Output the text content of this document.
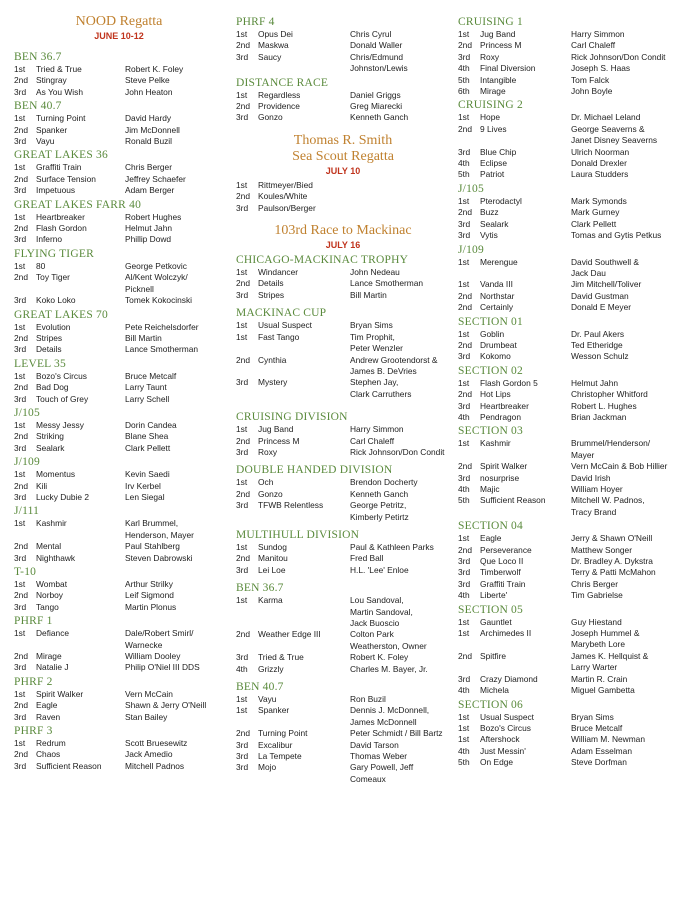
NOOD Regatta
JUNE 10-12
BEN 36.7
1st	Tried & True	Robert K. Foley
2nd Stingray	Steve Pelke
3rd	As You Wish	John Heaton
BEN 40.7
1st	Turning Point	David Hardy
2nd Spanker	Jim McDonnell
3rd	Vayu	Ronald Buzil
GREAT LAKES 36
1st	Graffiti Train	Chris Berger
2nd Surface Tension	Jeffrey Schaefer
3rd	Impetuous	Adam Berger
GREAT LAKES FARR 40
1st	Heartbreaker	Robert Hughes
2nd Flash Gordon	Helmut Jahn
3rd	Inferno	Phillip Dowd
FLYING TIGER
1st	80	George Petkovic
2nd Toy Tiger	Al/Kent Wolczyk/
Picknell
3rd	Koko Loko	Tomek Kokocinski
GREAT LAKES 70
1st	Evolution	Pete Reichelsdorfer
2nd Stripes	Bill Martin
3rd	Details	Lance Smotherman
LEVEL 35
1st	Bozo's Circus	Bruce Metcalf
2nd Bad Dog	Larry Taunt
3rd	Touch of Grey	Larry Schell
J/105
1st	Messy Jessy	Dorin Candea
2nd Striking	Blane Shea
3rd	Sealark	Clark Pellett
J/109
1st	Momentus	Kevin Saedi
2nd Kili	Irv Kerbel
3rd	Lucky Dubie 2	Len Siegal
J/111
1st	Kashmir	Karl Brummel,
Henderson, Mayer
2nd Mental	Paul Stahlberg
3rd	Nighthawk	Steven Dabrowski
T-10
1st	Wombat	Arthur Strilky
2nd Norboy	Leif Sigmond
3rd	Tango	Martin Plonus
PHRF 1
1st	Defiance	Dale/Robert Smirl/
Warnecke
2nd Mirage	William Dooley
3rd	Natalie J	Philip O'Niel III DDS
PHRF 2
1st	Spirit Walker	Vern McCain
2nd Eagle	Shawn & Jerry O'Neill
3rd	Raven	Stan Bailey
PHRF 3
1st	Redrum	Scott Bruesewitz
2nd Chaos	Jack Amedio
3rd	Sufficient Reason	Mitchell Padnos
PHRF 4
1st	Opus Dei	Chris Cyrul
2nd Maskwa	Donald Waller
3rd	Saucy	Chris/Edmund
Johnston/Lewis
DISTANCE RACE
1st	Regardless	Daniel Griggs
2nd Providence	Greg Miarecki
3rd	Gonzo	Kenneth Ganch
Thomas R. Smith
Sea Scout Regatta
JULY 10
1st	Rittmeyer/Bied
2nd Koules/White
3rd	Paulson/Berger
103rd Race to Mackinac
JULY 16
CHICAGO-MACKINAC TROPHY
1st	Windancer	John Nedeau
2nd Details	Lance Smotherman
3rd	Stripes	Bill Martin
MACKINAC CUP
1st	Usual Suspect	Bryan Sims
1st	Fast Tango	Tim Prophit,
Peter Wenzler
2nd Cynthia	Andrew Grootendorst &
James B. DeVries
3rd	Mystery	Stephen Jay,
Clark Carruthers
CRUISING DIVISION
1st	Jug Band	Harry Simmon
2nd Princess M	Carl Chaleff
3rd	Roxy	Rick Johnson/Don Condit
DOUBLE HANDED DIVISION
1st	Och	Brendon Docherty
2nd Gonzo	Kenneth Ganch
3rd	TFWB Relentless	George Petritz,
Kimberly Petirtz
MULTIHULL DIVISION
1st	Sundog	Paul & Kathleen Parks
2nd Manitou	Fred Ball
3rd	Lei Loe	H.L. 'Lee' Enloe
BEN 36.7
1st	Karma	Lou Sandoval,
Martin Sandoval,
Jack Buoscio
2nd Weather Edge III	Colton Park
Weatherston, Owner
3rd	Tried & True	Robert K. Foley
4th	Grizzly	Charles M. Bayer, Jr.
BEN 40.7
1st	Vayu	Ron Buzil
1st	Spanker	Dennis J. McDonnell,
James McDonnell
2nd Turning Point	Peter Schmidt / Bill Bartz
3rd	Excalibur	David Tarson
3rd	La Tempete	Thomas Weber
3rd	Mojo	Gary Powell, Jeff Comeaux
CRUISING 1
1st	Jug Band	Harry Simmon
2nd Princess M	Carl Chaleff
3rd	Roxy	Rick Johnson/Don Condit
4th	Final Diversion	Joseph S. Haas
5th	Intangible	Tom Falck
6th	Mirage	John Boyle
CRUISING 2
1st	Hope	Dr. Michael Leland
2nd 9 Lives	George Seaverns &
Janet Disney Seaverns
3rd	Blue Chip	Ulrich Noorman
4th	Eclipse	Donald Drexler
5th	Patriot	Laura Studders
J/105
1st	Pterodactyl	Mark Symonds
2nd Buzz	Mark Gurney
3rd	Sealark	Clark Pellett
3rd	Vytis	Tomas and Gytis Petkus
J/109
1st	Merengue	David Southwell &
Jack Dau
1st	Vanda III	Jim Mitchell/Toliver
2nd Northstar	David Gustman
2nd Certainly	Donald E Meyer
SECTION 01
1st	Goblin	Dr. Paul Akers
2nd Drumbeat	Ted Etheridge
3rd	Kokomo	Wesson Schulz
SECTION 02
1st	Flash Gordon 5	Helmut Jahn
2nd Hot Lips	Christopher Whitford
3rd	Heartbreaker	Robert L. Hughes
4th	Pendragon	Brian Jackman
SECTION 03
1st	Kashmir	Brummel/Henderson/
Mayer
2nd Spirit Walker	Vern McCain & Bob Hillier
3rd	nosurprise	David Irish
4th	Majic	William Hoyer
5th	Sufficient Reason	Mitchell W. Padnos,
Tracy Brand
SECTION 04
1st	Eagle	Jerry & Shawn O'Neill
2nd Perseverance	Matthew Songer
3rd	Que Loco II	Dr. Bradley A. Dykstra
3rd	Timberwolf	Terry & Patti McMahon
3rd	Graffiti Train	Chris Berger
4th	Liberte'	Tim Gabrielse
SECTION 05
1st	Gauntlet	Guy Hiestand
1st	Archimedes II	Joseph Hummel &
Marybeth Lore
2nd Spitfire	James K. Hellquist &
Larry Warter
3rd	Crazy Diamond	Martin R. Crain
4th	Michela	Miguel Gambetta
SECTION 06
1st	Usual Suspect	Bryan Sims
1st	Bozo's Circus	Bruce Metcalf
1st	Aftershock	William M. Newman
4th	Just Messin'	Adam Esselman
5th	On Edge	Steve Dorfman
